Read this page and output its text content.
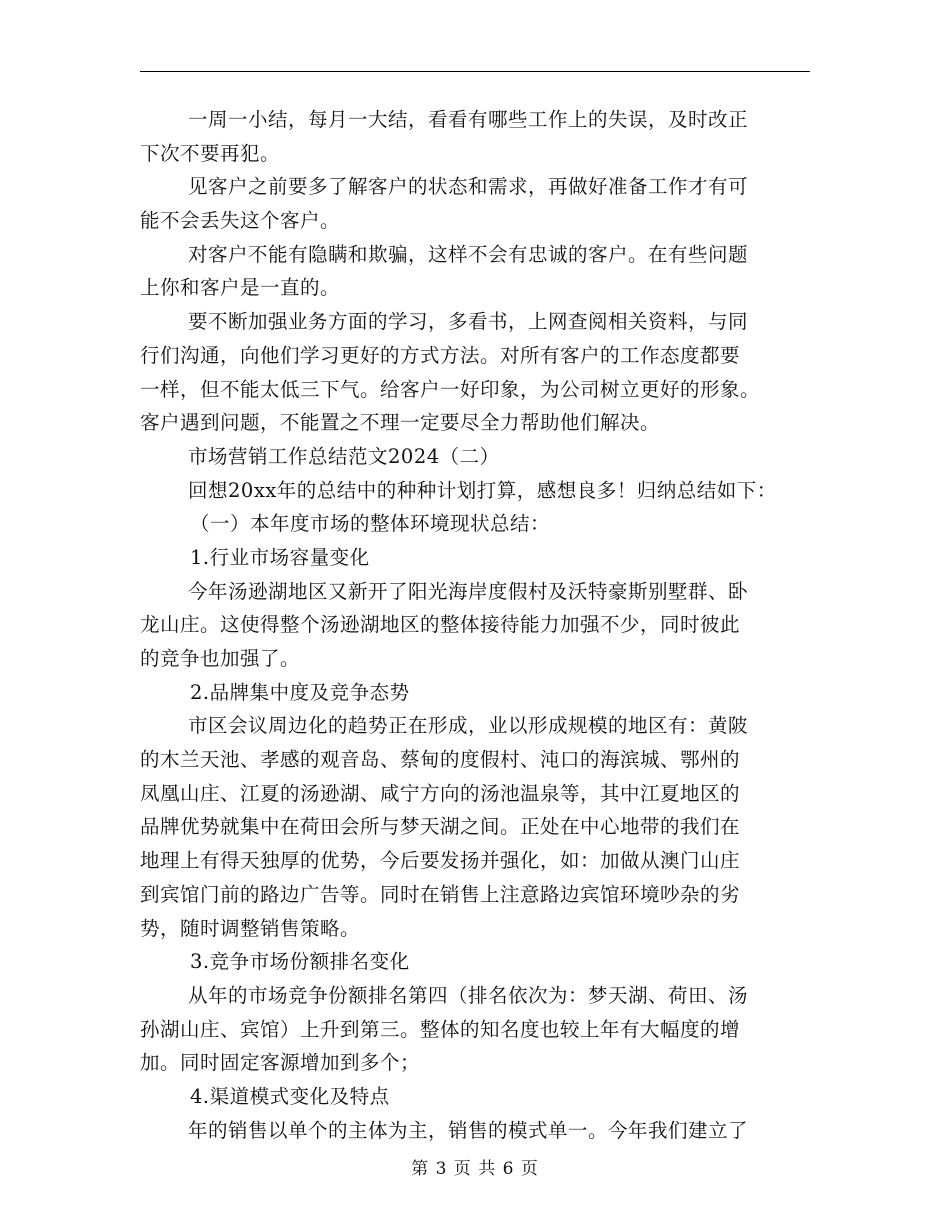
一周一小结，每月一大结，看看有哪些工作上的失误，及时改正
下次不要再犯。
见客户之前要多了解客户的状态和需求，再做好准备工作才有可
能不会丢失这个客户。
对客户不能有隐瞒和欺骗，这样不会有忠诚的客户。在有些问题
上你和客户是一直的。
要不断加强业务方面的学习，多看书，上网查阅相关资料，与同
行们沟通，向他们学习更好的方式方法。对所有客户的工作态度都要
一样，但不能太低三下气。给客户一好印象，为公司树立更好的形象。
客户遇到问题，不能置之不理一定要尽全力帮助他们解决。
市场营销工作总结范文2024（二）
回想20xx年的总结中的种种计划打算，感想良多！归纳总结如下：
（一）本年度市场的整体环境现状总结：
1.行业市场容量变化
今年汤逊湖地区又新开了阳光海岸度假村及沃特豪斯别墅群、卧
龙山庄。这使得整个汤逊湖地区的整体接待能力加强不少，同时彼此
的竞争也加强了。
2.品牌集中度及竞争态势
市区会议周边化的趋势正在形成，业以形成规模的地区有：黄陂
的木兰天池、孝感的观音岛、蔡甸的度假村、沌口的海滨城、鄂州的
凤凰山庄、江夏的汤逊湖、咸宁方向的汤池温泉等，其中江夏地区的
品牌优势就集中在荷田会所与梦天湖之间。正处在中心地带的我们在
地理上有得天独厚的优势，今后要发扬并强化，如：加做从澳门山庄
到宾馆门前的路边广告等。同时在销售上注意路边宾馆环境吵杂的劣
势，随时调整销售策略。
3.竞争市场份额排名变化
从年的市场竞争份额排名第四（排名依次为：梦天湖、荷田、汤
孙湖山庄、宾馆）上升到第三。整体的知名度也较上年有大幅度的增
加。同时固定客源增加到多个；
4.渠道模式变化及特点
年的销售以单个的主体为主，销售的模式单一。今年我们建立了
第 3 页 共 6 页
